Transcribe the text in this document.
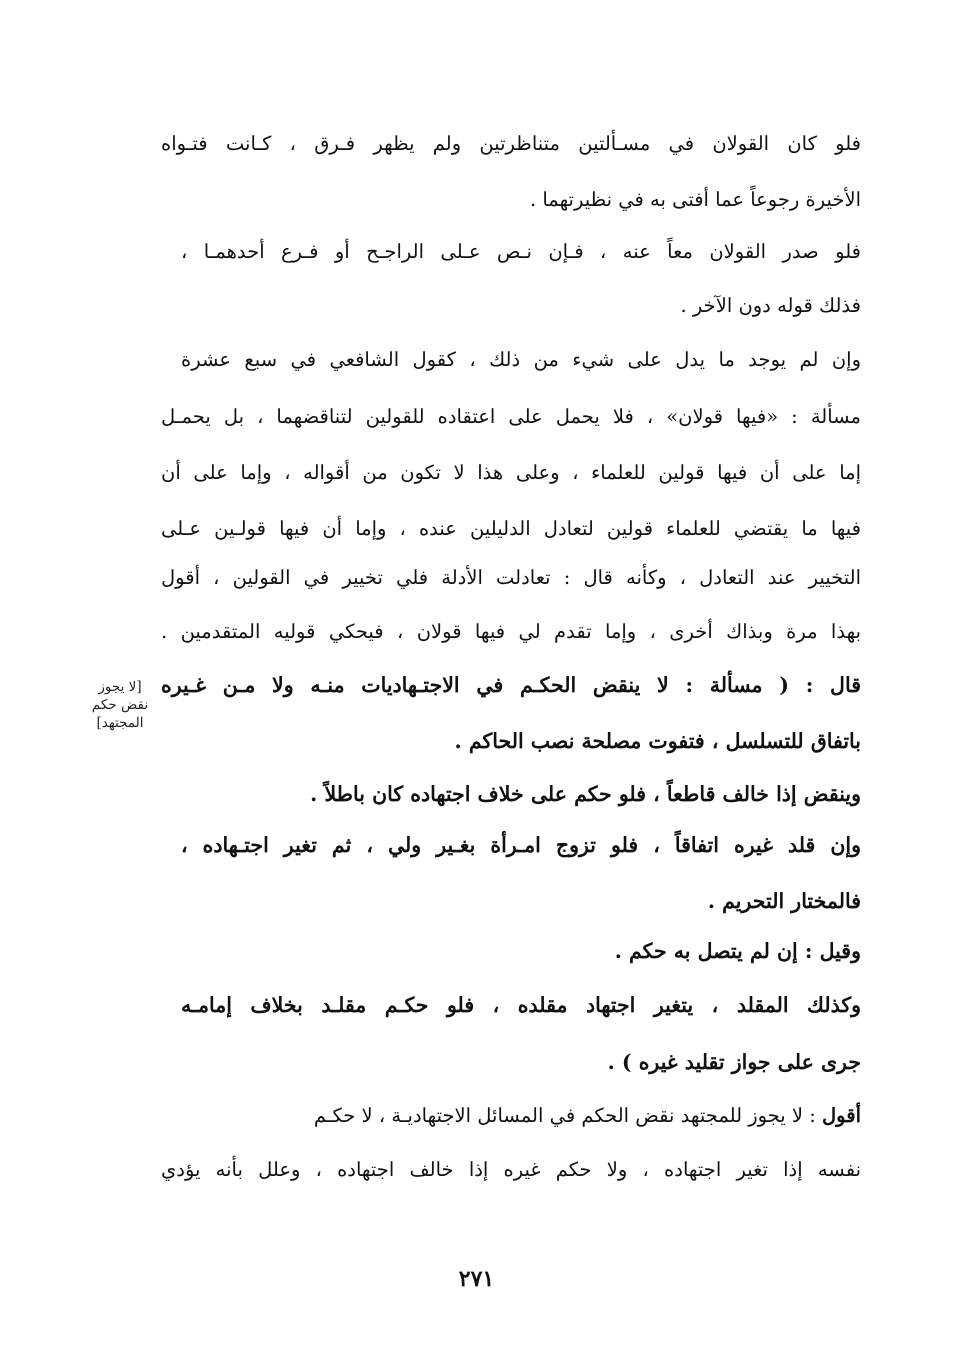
فلو كان القولان في مسـألتين متناظرتين ولم يظهر فـرق ، كـانت فتـواه
الأخيرة رجوعاً عما أفتى به في نظيرتهما .
فلو صدر القولان معاً عنه ، فـإن نـص عـلى الراجـح أو فـرع أحدهمـا ،
فذلك قوله دون الآخر .
وإن لم يوجد ما يدل على شيء من ذلك ، كقول الشافعي في سبع عشرة
مسألة : «فيها قولان» ، فلا يحمل على اعتقاده للقولين لتناقضهما ، بل يحمـل
إما على أن فيها قولين للعلماء ، وعلى هذا لا تكون من أقواله ، وإما على أن
فيها ما يقتضي للعلماء قولين لتعادل الدليلين عنده ، وإما أن فيها قولـين عـلى
التخيير عند التعادل ، وكأنه قال : تعادلت الأدلة فلي تخيير في القولين ، أقول
بهذا مرة وبذاك أخرى ، وإما تقدم لي فيها قولان ، فيحكي قوليه المتقدمين .
قال : ( مسألة : لا ينقض الحكـم في الاجتـهاديات منـه ولا مـن غـيره
باتفاق للتسلسل ، فتفوت مصلحة نصب الحاكم .
[لا يجوز
نقض حكم
المجتهد]
وينقض إذا خالف قاطعاً ، فلو حكم على خلاف اجتهاده كان باطلاً .
وإن قلد غيره اتفاقاً ، فلو تزوج امـرأة بغـير ولي ، ثم تغير اجتـهاده ،
فالمختار التحريم .
وقيل : إن لم يتصل به حكم .
وكذلك المقلد ، يتغير اجتهاد مقلده ، فلو حكـم مقلـد بخلاف إمامـه
جرى على جواز تقليد غيره ) .
أقول : لا يجوز للمجتهد نقض الحكم في المسائل الاجتهاديـة ، لا حكـم
نفسه إذا تغير اجتهاده ، ولا حكم غيره إذا خالف اجتهاده ، وعلل بأنه يؤدي
٢٧١
